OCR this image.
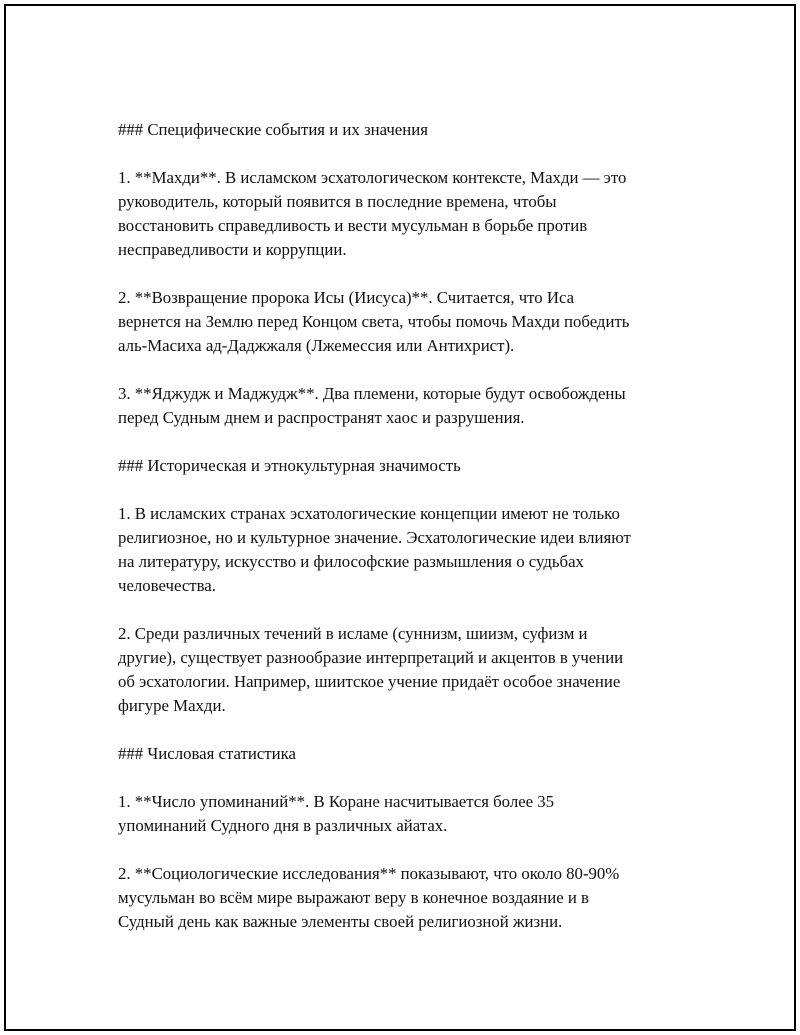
### Специфические события и их значения

1. **Махди**. В исламском эсхатологическом контексте, Махди — это
руководитель, который появится в последние времена, чтобы
восстановить справедливость и вести мусульман в борьбе против
несправедливости и коррупции.

2. **Возвращение пророка Исы (Иисуса)**. Считается, что Иса
вернется на Землю перед Концом света, чтобы помочь Махди победить
аль-Масиха ад-Даджжаля (Лжемессия или Антихрист).

3. **Яджудж и Маджудж**. Два племени, которые будут освобождены
перед Судным днем и распространят хаос и разрушения.

### Историческая и этнокультурная значимость

1. В исламских странах эсхатологические концепции имеют не только
религиозное, но и культурное значение. Эсхатологические идеи влияют
на литературу, искусство и философские размышления о судьбах
человечества.

2. Среди различных течений в исламе (суннизм, шиизм, суфизм и
другие), существует разнообразие интерпретаций и акцентов в учении
об эсхатологии. Например, шиитское учение придаёт особое значение
фигуре Махди.

### Числовая статистика

1. **Число упоминаний**. В Коране насчитывается более 35
упоминаний Судного дня в различных айатах.

2. **Социологические исследования** показывают, что около 80-90%
мусульман во всём мире выражают веру в конечное воздаяние и в
Судный день как важные элементы своей религиозной жизни.
